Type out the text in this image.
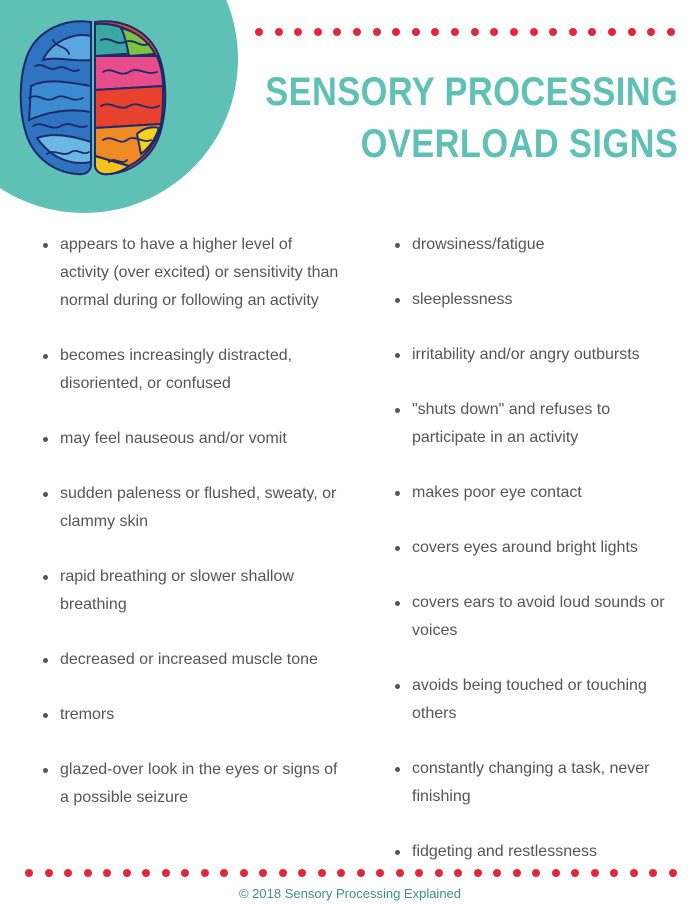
SENSORY PROCESSING
OVERLOAD SIGNS
appears to have a higher level of activity (over excited) or sensitivity than normal during or following an activity
becomes increasingly distracted, disoriented, or confused
may feel nauseous and/or vomit
sudden paleness or flushed, sweaty, or clammy skin
rapid breathing or slower shallow breathing
decreased or increased muscle tone
tremors
glazed-over look in the eyes or signs of a possible seizure
drowsiness/fatigue
sleeplessness
irritability and/or angry outbursts
"shuts down" and refuses to participate in an activity
makes poor eye contact
covers eyes around bright lights
covers ears to avoid loud sounds or voices
avoids being touched or touching others
constantly changing a task, never finishing
fidgeting and restlessness
© 2018 Sensory Processing Explained
